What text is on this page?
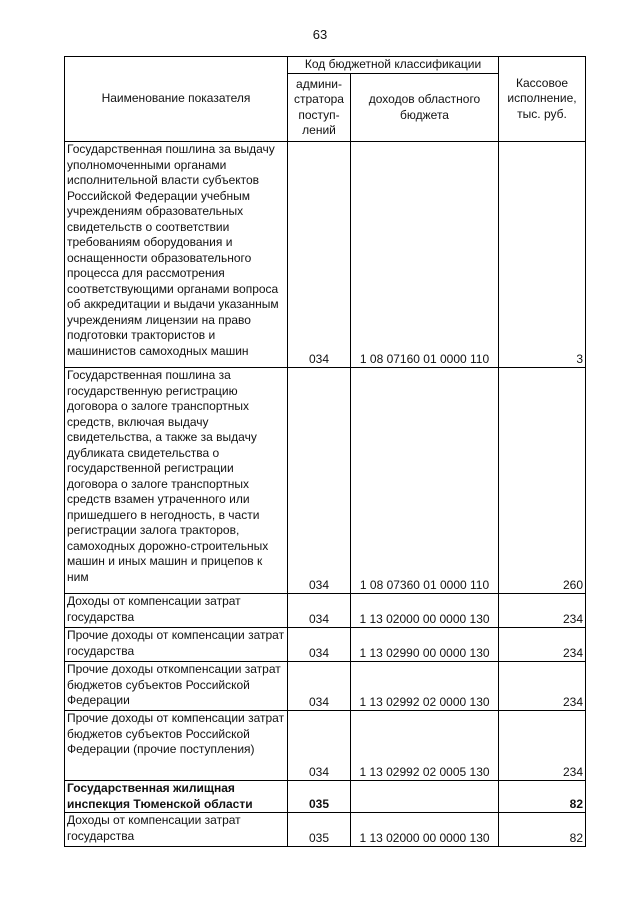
63
Наименование показателя	Код бюджетной классификации		Кассовое исполнение, тыс. руб.
	админи-стратора поступ-лений	доходов областного бюджета	
Государственная пошлина за выдачу уполномоченными органами исполнительной власти субъектов Российской Федерации учебным учреждениям образовательных свидетельств о соответствии требованиям оборудования и оснащенности образовательного процесса для рассмотрения соответствующими органами вопроса об аккредитации и выдачи указанным учреждениям лицензии на право подготовки трактористов и машинистов самоходных машин	034	1 08 07160 01 0000 110	3
Государственная пошлина за государственную регистрацию договора о залоге транспортных средств, включая выдачу свидетельства, а также за выдачу дубликата свидетельства о государственной регистрации договора о залоге транспортных средств взамен утраченного или пришедшего в негодность, в части регистрации залога тракторов, самоходных дорожно-строительных машин и иных машин и прицепов к ним	034	1 08 07360 01 0000 110	260
Доходы от компенсации затрат государства	034	1 13 02000 00 0000 130	234
Прочие доходы от компенсации затрат государства	034	1 13 02990 00 0000 130	234
Прочие доходы откомпенсации затрат бюджетов субъектов Российской Федерации	034	1 13 02992 02 0000 130	234
Прочие доходы от компенсации затрат бюджетов субъектов Российской Федерации (прочие поступления)	034	1 13 02992 02 0005 130	234
Государственная жилищная инспекция Тюменской области	035		82
Доходы от компенсации затрат государства	035	1 13 02000 00 0000 130	82
